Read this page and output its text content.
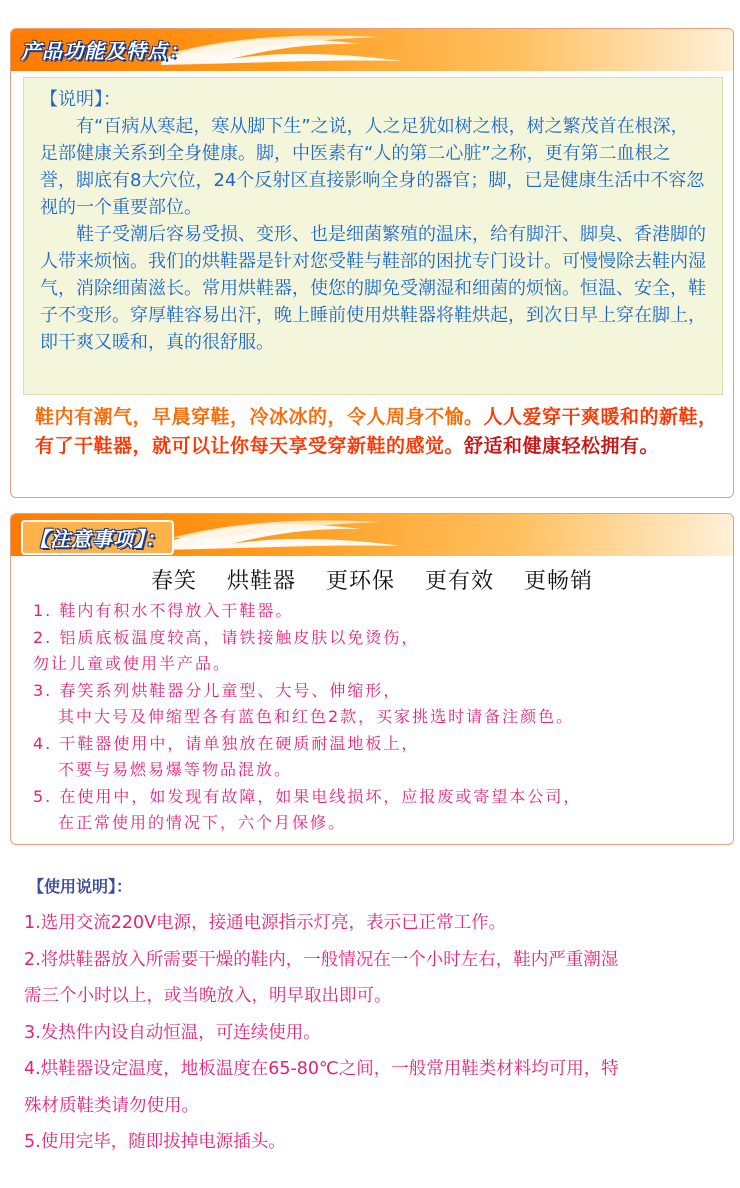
产品功能及特点：

【说明】：

有“百病从寒起，寒从脚下生”之说，人之足犹如树之根，树之繁茂首在根深，足部健康关系到全身健康。脚，中医素有“人的第二心脏”之称，更有第二血根之誉，脚底有8大穴位，24个反射区直接影响全身的器官；脚，已是健康生活中不容忽视的一个重要部位。

鞋子受潮后容易受损、变形、也是细菌繁殖的温床，给有脚汗、脚臭、香港脚的人带来烦恼。我们的烘鞋器是针对您受鞋与鞋部的困扰专门设计。可慢慢除去鞋内湿气，消除细菌滋长。常用烘鞋器，使您的脚免受潮湿和细菌的烦恼。恒温、安全，鞋子不变形。穿厚鞋容易出汗，晚上睡前使用烘鞋器将鞋烘起，到次日早上穿在脚上，即干爽又暖和，真的很舒服。

鞋内有潮气，早晨穿鞋，冷冰冰的，令人周身不愉。人人爱穿干爽暖和的新鞋，有了干鞋器，就可以让你每天享受穿新鞋的感觉。舒适和健康轻松拥有。
【注意事项】：
春笑 烘鞋器 更环保 更有效 更畅销
1. 鞋内有积水不得放入干鞋器。
2. 铝质底板温度较高，请铁接触皮肤以免烫伤，
勿让儿童或使用半产品。
3. 春笑系列烘鞋器分儿童型、大号、伸缩形，
其中大号及伸缩型各有蓝色和红色2款，买家挑选时请备注颜色。
4. 干鞋器使用中，请单独放在硬质耐温地板上，
不要与易燃易爆等物品混放。
5. 在使用中，如发现有故障，如果电线损坏，应报废或寄望本公司，
在正常使用的情况下，六个月保修。
【使用说明】：
1.选用交流220V电源，接通电源指示灯亮，表示已正常工作。
2.将烘鞋器放入所需要干燥的鞋内，一般情况在一个小时左右，鞋内严重潮湿
需三个小时以上，或当晚放入，明早取出即可。
3.发热件内设自动恒温，可连续使用。
4.烘鞋器设定温度，地板温度在65-80℃之间，一般常用鞋类材料均可用，特
殊材质鞋类请勿使用。
5.使用完毕，随即拔掉电源插头。
